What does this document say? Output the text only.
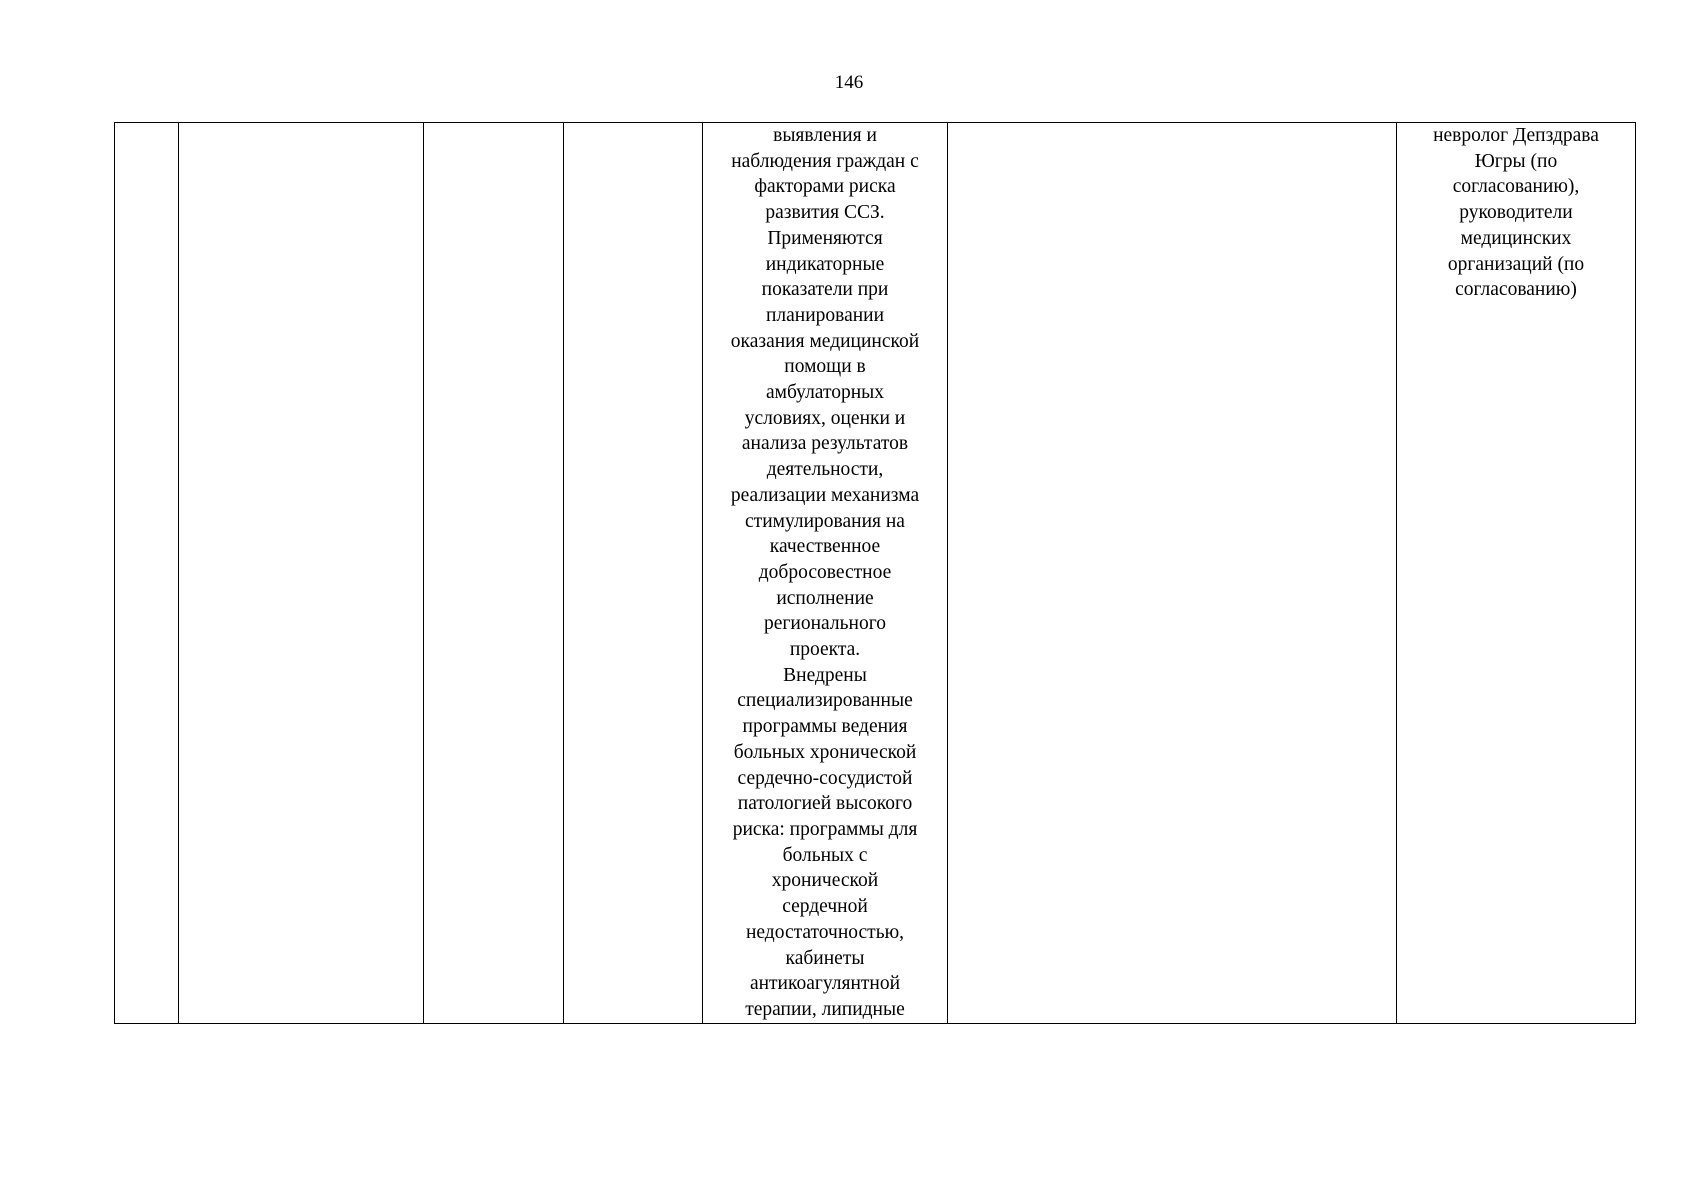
146

выявления и
наблюдения граждан с
факторами риска
развития ССЗ.
Применяются
индикаторные
показатели при
планировании
оказания медицинской
помощи в
амбулаторных
условиях, оценки и
анализа результатов
деятельности,
реализации механизма
стимулирования на
качественное
добросовестное
исполнение
регионального
проекта.
Внедрены
специализированные
программы ведения
больных хронической
сердечно-сосудистой
патологией высокого
риска: программы для
больных с
хронической
сердечной
недостаточностью,
кабинеты
антикоагулянтной
терапии, липидные

невролог Депздрава
Югры (по
согласованию),
руководители
медицинских
организаций (по
согласованию)
